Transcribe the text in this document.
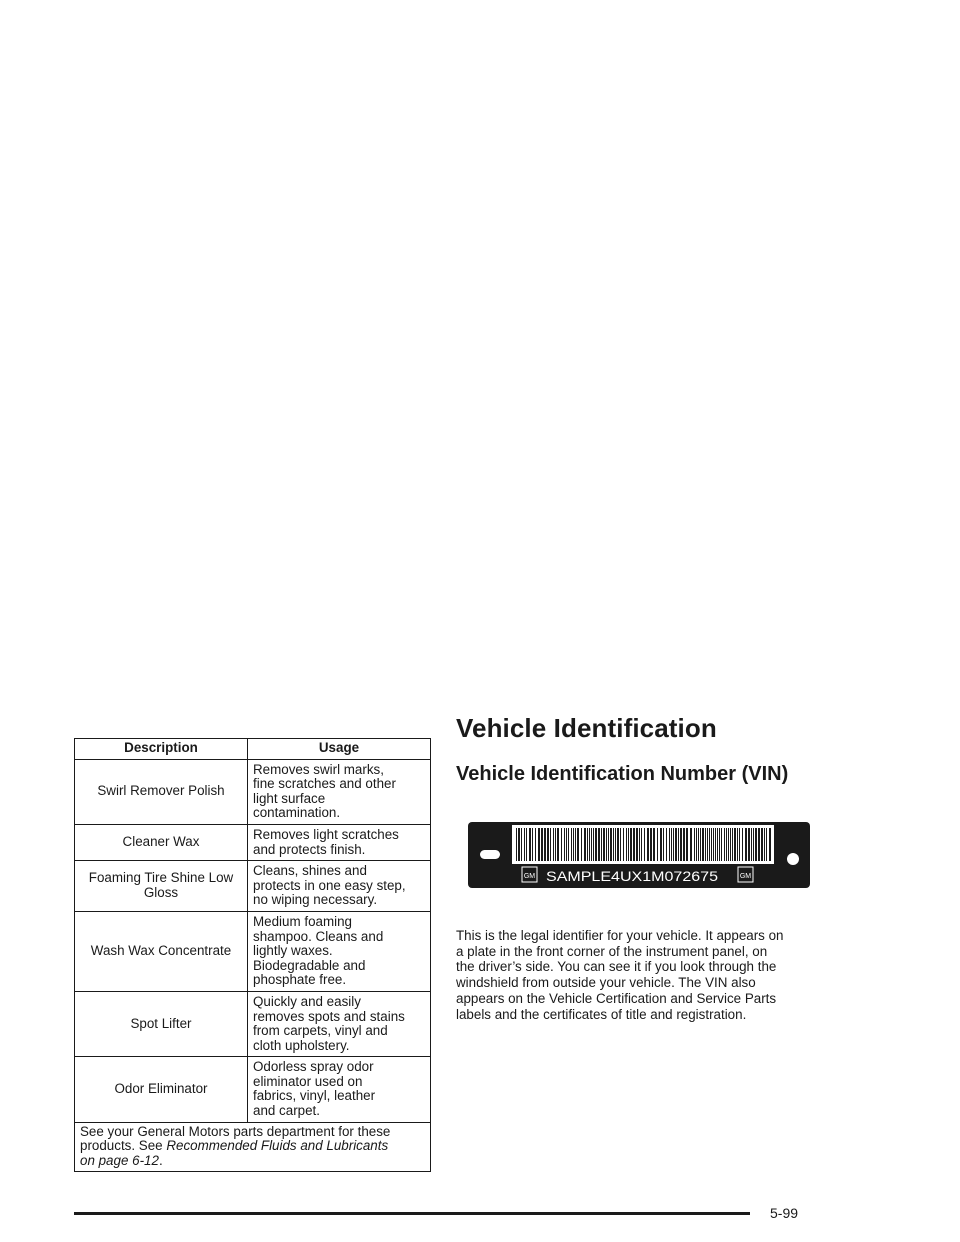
Description	Usage
Swirl Remover Polish	Removes swirl marks,
fine scratches and other
light surface
contamination.
Cleaner Wax	Removes light scratches
and protects finish.
Foaming Tire Shine Low Gloss	Cleans, shines and
protects in one easy step,
no wiping necessary.
Wash Wax Concentrate	Medium foaming
shampoo. Cleans and
lightly waxes.
Biodegradable and
phosphate free.
Spot Lifter	Quickly and easily
removes spots and stains
from carpets, vinyl and
cloth upholstery.
Odor Eliminator	Odorless spray odor
eliminator used on
fabrics, vinyl, leather
and carpet.
See your General Motors parts department for these
products. See Recommended Fluids and Lubricants
on page 6-12.	
Vehicle Identification
Vehicle Identification Number (VIN)
GM SAMPLE4UX1M072675	GM

This is the legal identifier for your vehicle. It appears on
a plate in the front corner of the instrument panel, on
the driver’s side. You can see it if you look through the
windshield from outside your vehicle. The VIN also
appears on the Vehicle Certification and Service Parts
labels and the certificates of title and registration.

5-99
